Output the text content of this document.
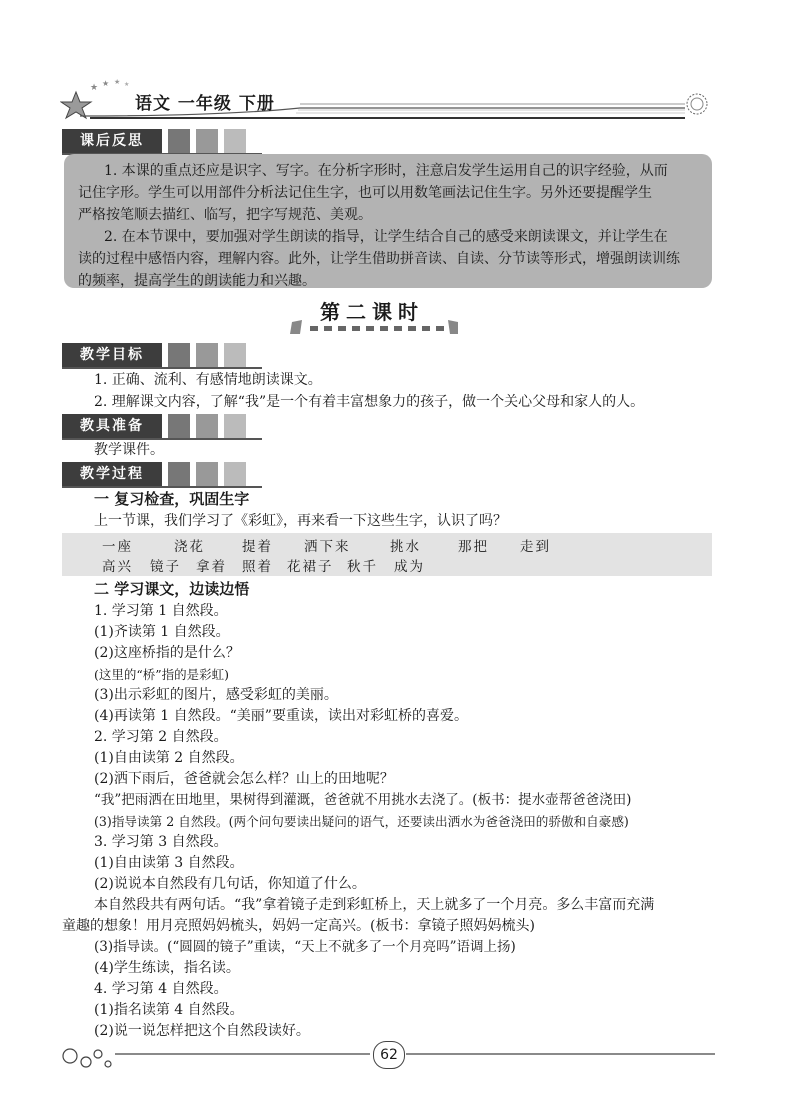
★ ★ ★ ★
语文 一年级 下册
课后反思
1. 本课的重点还应是识字、写字。在分析字形时，注意启发学生运用自己的识字经验，从而
记住字形。学生可以用部件分析法记住生字，也可以用数笔画法记住生字。另外还要提醒学生
严格按笔顺去描红、临写，把字写规范、美观。
2. 在本节课中，要加强对学生朗读的指导，让学生结合自己的感受来朗读课文，并让学生在
读的过程中感悟内容，理解内容。此外，让学生借助拼音读、自读、分节读等形式，增强朗读训练
的频率，提高学生的朗读能力和兴趣。
第二课时
教学目标
1. 正确、流利、有感情地朗读课文。
2. 理解课文内容，了解“我”是一个有着丰富想象力的孩子，做一个关心父母和家人的人。
教具准备
教学课件。
教学过程
一 复习检查，巩固生字
上一节课，我们学习了《彩虹》，再来看一下这些生字，认识了吗？
一座	浇花	提着 洒下来	挑水	那把 走到
高兴 镜子 拿着 照着 花裙子 秋千 成为
二 学习课文，边读边悟
1. 学习第 1 自然段。
(1)齐读第 1 自然段。
(2)这座桥指的是什么？
(这里的“桥”指的是彩虹)
(3)出示彩虹的图片，感受彩虹的美丽。
(4)再读第 1 自然段。“美丽”要重读，读出对彩虹桥的喜爱。
2. 学习第 2 自然段。
(1)自由读第 2 自然段。
(2)洒下雨后，爸爸就会怎么样？山上的田地呢？
“我”把雨洒在田地里，果树得到灌溉，爸爸就不用挑水去浇了。(板书：提水壶帮爸爸浇田)
(3)指导读第 2 自然段。(两个问句要读出疑问的语气，还要读出洒水为爸爸浇田的骄傲和自豪感)
3. 学习第 3 自然段。
(1)自由读第 3 自然段。
(2)说说本自然段有几句话，你知道了什么。
本自然段共有两句话。“我”拿着镜子走到彩虹桥上，天上就多了一个月亮。多么丰富而充满
童趣的想象！用月亮照妈妈梳头，妈妈一定高兴。(板书：拿镜子照妈妈梳头)
(3)指导读。(“圆圆的镜子”重读，“天上不就多了一个月亮吗”语调上扬)
(4)学生练读，指名读。
4. 学习第 4 自然段。
(1)指名读第 4 自然段。
(2)说一说怎样把这个自然段读好。
62
